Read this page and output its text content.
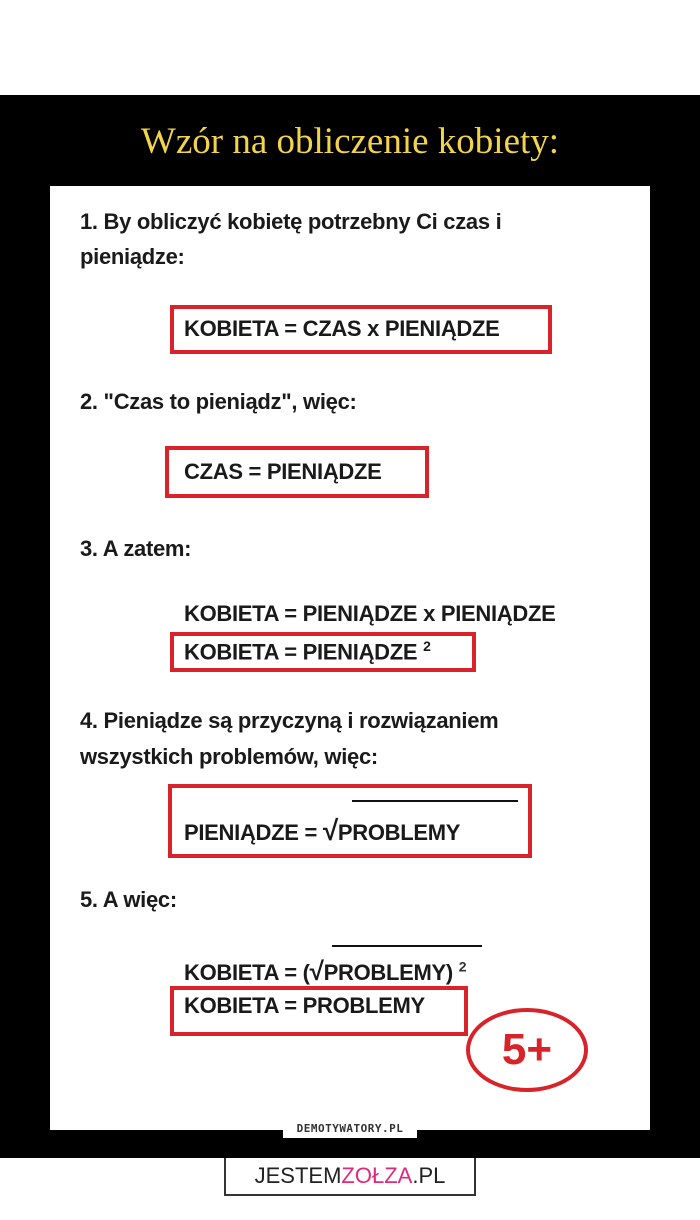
Wzór na obliczenie kobiety:
1. By obliczyć kobietę potrzebny Ci czas i
pieniądze:
KOBIETA = CZAS x PIENIĄDZE
2. "Czas to pieniądz", więc:
CZAS = PIENIĄDZE
3. A zatem:
KOBIETA = PIENIĄDZE x PIENIĄDZE
KOBIETA = PIENIĄDZE $^2$
4. Pieniądze są przyczyną i rozwiązaniem
wszystkich problemów, więc:
PIENIĄDZE = √PROBLEMY
5. A więc:
KOBIETA = (√PROBLEMY) $^2$
KOBIETA = PROBLEMY
5+
DEMOTYWATORY.PL
JESTEMZOŁZA.PL
